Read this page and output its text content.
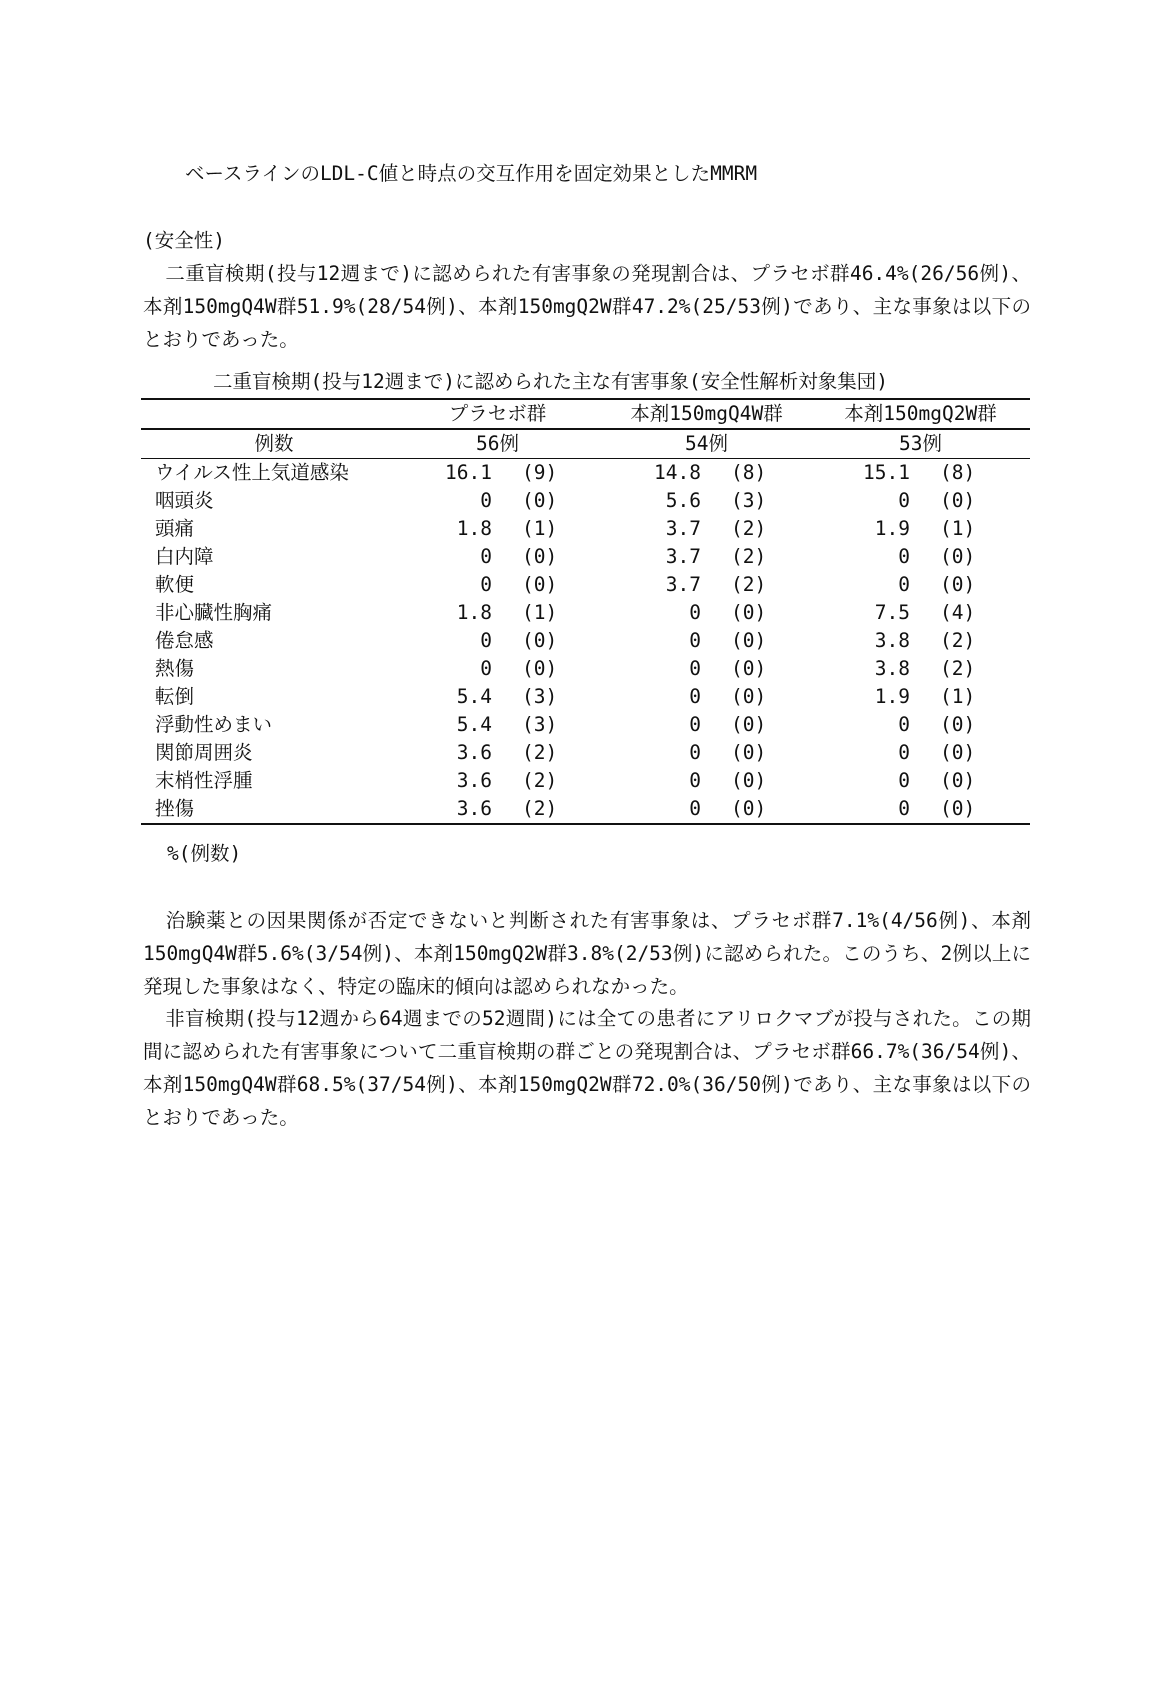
ベースラインのLDL-C値と時点の交互作用を固定効果としたMMRM
(安全性)

二重盲検期(投与12週まで)に認められた有害事象の発現割合は、プラセボ群46.4%(26/56例)、本剤150mgQ4W群51.9%(28/54例)、本剤150mgQ2W群47.2%(25/53例)であり、主な事象は以下のとおりであった。

二重盲検期(投与12週まで)に認められた主な有害事象(安全性解析対象集団)
	プラセボ群		本剤150mgQ4W群		本剤150mgQ2W群	
例数	56例		54例		53例	
ウイルス性上気道感染	16.1	(9)	14.8	(8)	15.1	(8)
咽頭炎	0	(0)	5.6	(3)	0	(0)
頭痛	1.8	(1)	3.7	(2)	1.9	(1)
白内障	0	(0)	3.7	(2)	0	(0)
軟便	0	(0)	3.7	(2)	0	(0)
非心臓性胸痛	1.8	(1)	0	(0)	7.5	(4)
倦怠感	0	(0)	0	(0)	3.8	(2)
熱傷	0	(0)	0	(0)	3.8	(2)
転倒	5.4	(3)	0	(0)	1.9	(1)
浮動性めまい	5.4	(3)	0	(0)	0	(0)
関節周囲炎	3.6	(2)	0	(0)	0	(0)
末梢性浮腫	3.6	(2)	0	(0)	0	(0)
挫傷	3.6	(2)	0	(0)	0	(0)
%(例数)

治験薬との因果関係が否定できないと判断された有害事象は、プラセボ群7.1%(4/56例)、本剤150mgQ4W群5.6%(3/54例)、本剤150mgQ2W群3.8%(2/53例)に認められた。このうち、2例以上に発現した事象はなく、特定の臨床的傾向は認められなかった。

非盲検期(投与12週から64週までの52週間)には全ての患者にアリロクマブが投与された。この期間に認められた有害事象について二重盲検期の群ごとの発現割合は、プラセボ群66.7%(36/54例)、本剤150mgQ4W群68.5%(37/54例)、本剤150mgQ2W群72.0%(36/50例)であり、主な事象は以下のとおりであった。
